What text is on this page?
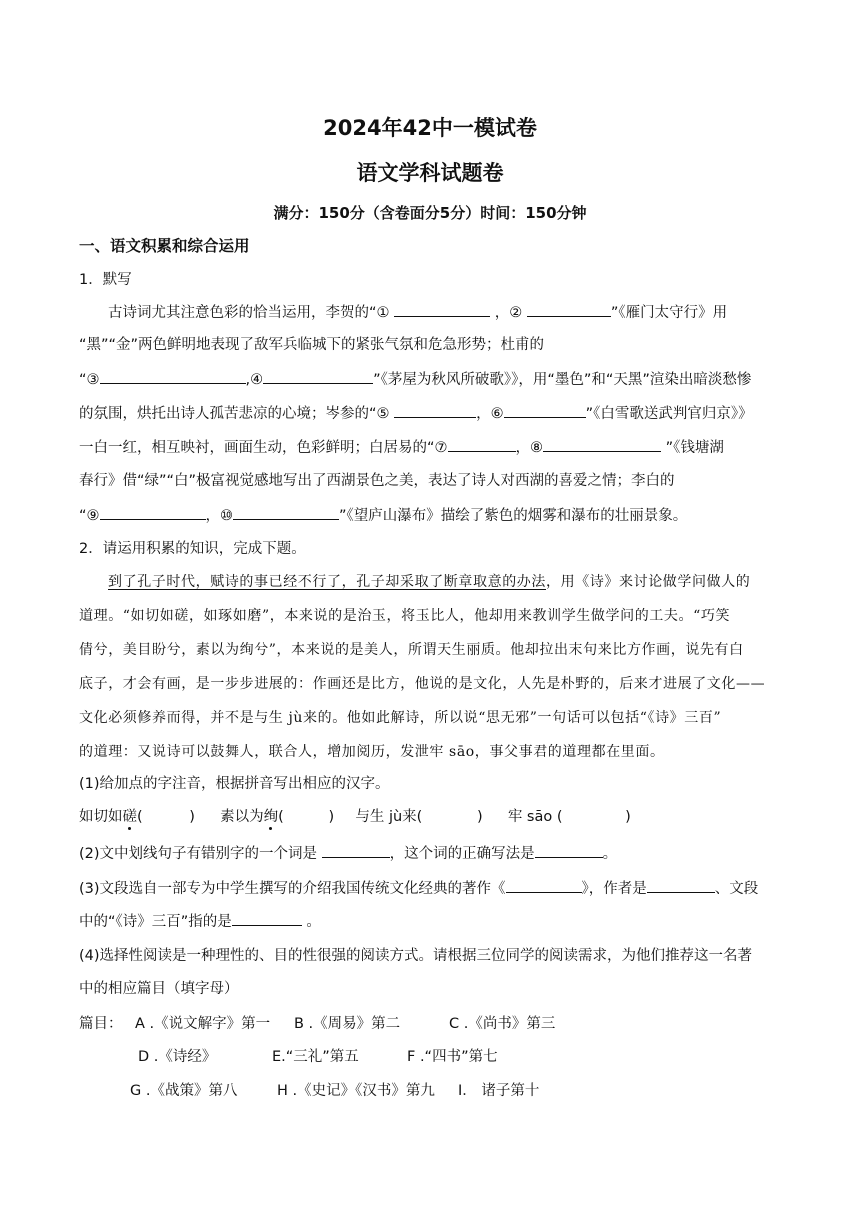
2024年42中一模试卷
语文学科试题卷
满分：150分（含卷面分5分）时间：150分钟
一、语文积累和综合运用
1．默写
古诗词尤其注意色彩的恰当运用，李贺的“①	，②	”《雁门太守行》用
“黑”“金”两色鲜明地表现了敌军兵临城下的紧张气氛和危急形势；杜甫的
“③	,④	”《茅屋为秋风所破歌》》，用“墨色”和“天黑”渲染出暗淡愁惨
的氛围，烘托出诗人孤苦悲凉的心境；岑参的“⑤	，⑥	”《白雪歌送武判官归京》》
一白一红，相互映衬，画面生动，色彩鲜明；白居易的“⑦	，⑧	”《钱塘湖
春行》借“绿”“白”极富视觉感地写出了西湖景色之美，表达了诗人对西湖的喜爱之情；李白的
“⑨	，⑩	”《望庐山瀑布》描绘了紫色的烟雾和瀑布的壮丽景象。
2．请运用积累的知识，完成下题。
到了孔子时代，赋诗的事已经不行了，孔子却采取了断章取意的办法，用《诗》来讨论做学问做人的
道理。“如切如磋，如琢如磨”，本来说的是治玉，将玉比人，他却用来教训学生做学问的工夫。“巧笑
倩兮，美目盼兮，素以为绚兮”，本来说的是美人，所谓天生丽质。他却拉出末句来比方作画，说先有白
底子，才会有画，是一步步进展的：作画还是比方，他说的是文化，人先是朴野的，后来才进展了文化——
文化必须修养而得，并不是与生 jù来的。他如此解诗，所以说“思无邪”一句话可以包括“《诗》三百”
的道理：又说诗可以鼓舞人，联合人，增加阅历，发泄牢 sāo，事父事君的道理都在里面。
(1)给加点的字注音，根据拼音写出相应的汉字。
如切如磋(	) 素以为绚(	) 与生 jù来(	) 牢 sāo (	)
(2)文中划线句子有错别字的一个词是	，这个词的正确写法是	。
(3)文段选自一部专为中学生撰写的介绍我国传统文化经典的著作《	》，作者是	、文段
中的“《诗》三百”指的是	。
(4)选择性阅读是一种理性的、目的性很强的阅读方式。请根据三位同学的阅读需求，为他们推荐这一名著
中的相应篇目（填字母）
篇目： A .《说文解字》第一 B .《周易》第二	C .《尚书》第三
D .《诗经》	E.“三礼”第五	F .“四书”第七
G .《战策》第八	H .《史记》《汉书》第九 I． 诸子第十
